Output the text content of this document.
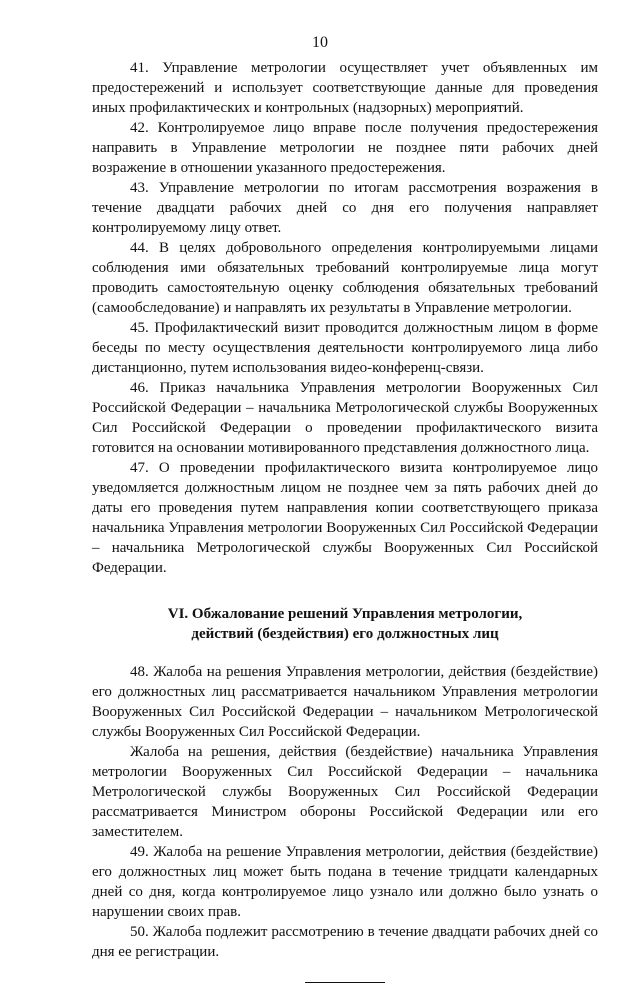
10

41. Управление метрологии осуществляет учет объявленных им предостережений и использует соответствующие данные для проведения иных профилактических и контрольных (надзорных) мероприятий.

42. Контролируемое лицо вправе после получения предостережения направить в Управление метрологии не позднее пяти рабочих дней возражение в отношении указанного предостережения.

43. Управление метрологии по итогам рассмотрения возражения в течение двадцати рабочих дней со дня его получения направляет контролируемому лицу ответ.

44. В целях добровольного определения контролируемыми лицами соблюдения ими обязательных требований контролируемые лица могут проводить самостоятельную оценку соблюдения обязательных требований (самообследование) и направлять их результаты в Управление метрологии.

45. Профилактический визит проводится должностным лицом в форме беседы по месту осуществления деятельности контролируемого лица либо дистанционно, путем использования видео-конференц-связи.

46. Приказ начальника Управления метрологии Вооруженных Сил Российской Федерации – начальника Метрологической службы Вооруженных Сил Российской Федерации о проведении профилактического визита готовится на основании мотивированного представления должностного лица.

47. О проведении профилактического визита контролируемое лицо уведомляется должностным лицом не позднее чем за пять рабочих дней до даты его проведения путем направления копии соответствующего приказа начальника Управления метрологии Вооруженных Сил Российской Федерации – начальника Метрологической службы Вооруженных Сил Российской Федерации.

VI. Обжалование решений Управления метрологии,
действий (бездействия) его должностных лиц

48. Жалоба на решения Управления метрологии, действия (бездействие) его должностных лиц рассматривается начальником Управления метрологии Вооруженных Сил Российской Федерации – начальником Метрологической службы Вооруженных Сил Российской Федерации.

Жалоба на решения, действия (бездействие) начальника Управления метрологии Вооруженных Сил Российской Федерации – начальника Метрологической службы Вооруженных Сил Российской Федерации рассматривается Министром обороны Российской Федерации или его заместителем.

49. Жалоба на решение Управления метрологии, действия (бездействие) его должностных лиц может быть подана в течение тридцати календарных дней со дня, когда контролируемое лицо узнало или должно было узнать о нарушении своих прав.

50. Жалоба подлежит рассмотрению в течение двадцати рабочих дней со дня ее регистрации.
